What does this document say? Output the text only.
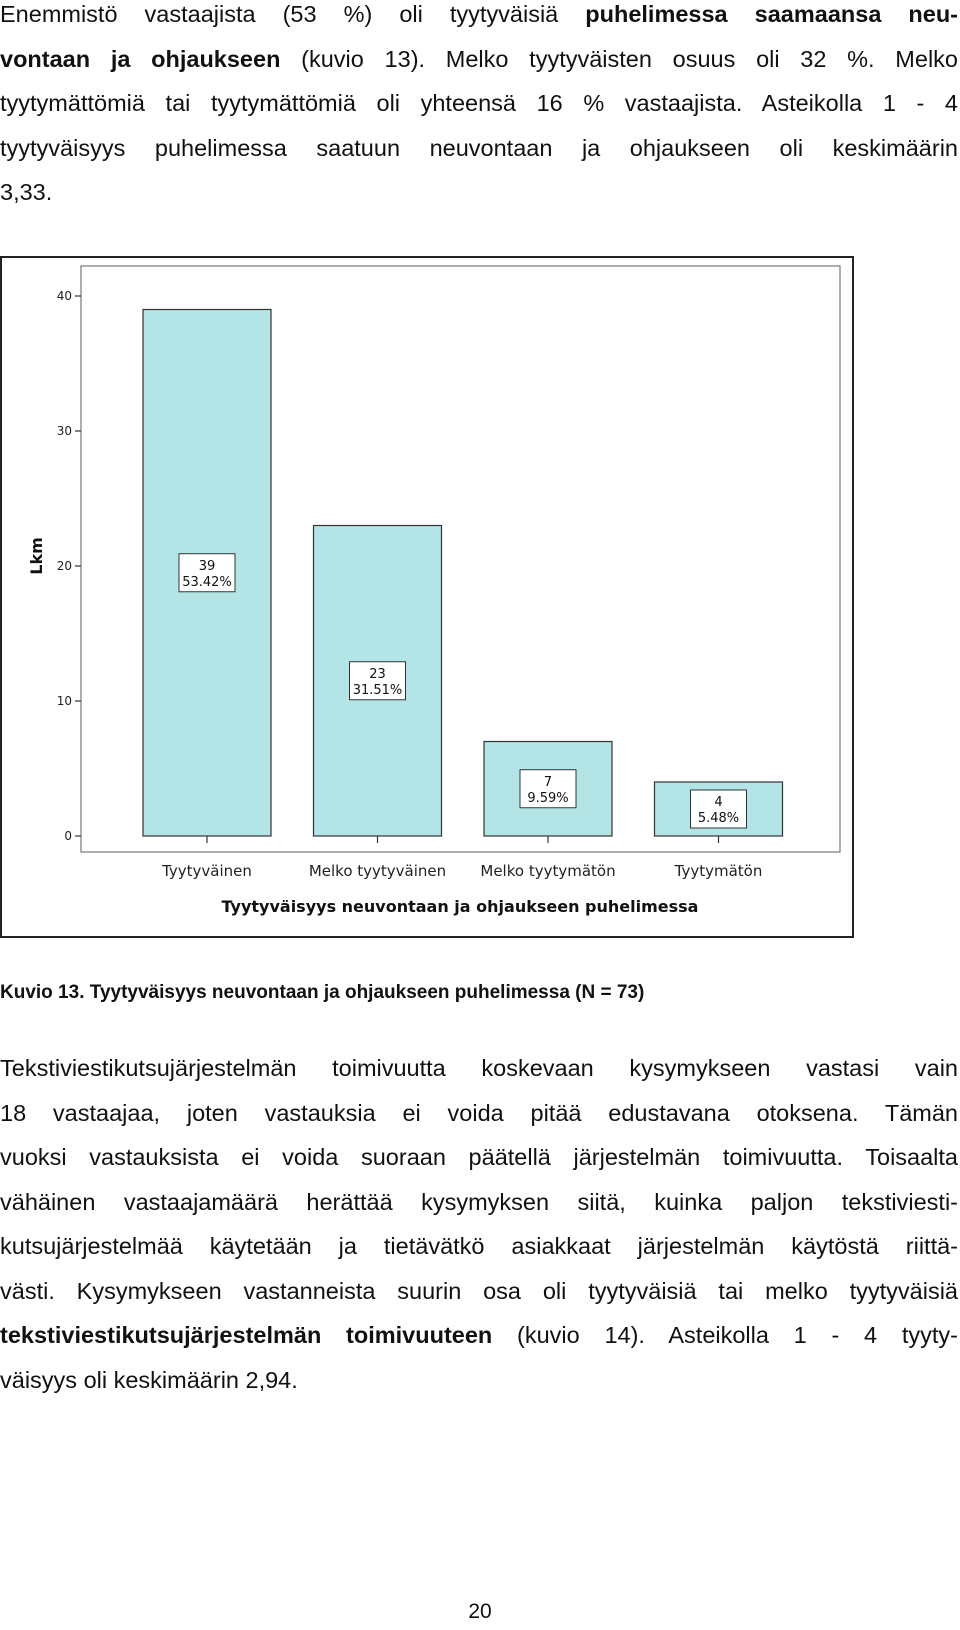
Enemmistö vastaajista (53 %) oli tyytyväisiä puhelimessa saamaansa neu-
vontaan ja ohjaukseen (kuvio 13). Melko tyytyväisten osuus oli 32 %. Melko
tyytymättömiä tai tyytymättömiä oli yhteensä 16 % vastaajista. Asteikolla 1 - 4
tyytyväisyys puhelimessa saatuun neuvontaan ja ohjaukseen oli keskimäärin
3,33.
0
10
20
30
40
39
53.42%
23
31.51%
7
9.59%	4
5.48%
Tyytyväinen	Melko tyytyväinen Melko tyytymätön	Tyytymätön
Lkm
Tyytyväisyys neuvontaan ja ohjaukseen puhelimessa
Kuvio 13. Tyytyväisyys neuvontaan ja ohjaukseen puhelimessa (N = 73)
Tekstiviestikutsujärjestelmän toimivuutta koskevaan kysymykseen vastasi vain
18 vastaajaa, joten vastauksia ei voida pitää edustavana otoksena. Tämän
vuoksi vastauksista ei voida suoraan päätellä järjestelmän toimivuutta. Toisaalta
vähäinen vastaajamäärä herättää kysymyksen siitä, kuinka paljon tekstiviesti-
kutsujärjestelmää käytetään ja tietävätkö asiakkaat järjestelmän käytöstä riittä-
västi. Kysymykseen vastanneista suurin osa oli tyytyväisiä tai melko tyytyväisiä
tekstiviestikutsujärjestelmän toimivuuteen (kuvio 14). Asteikolla 1 - 4 tyyty-
väisyys oli keskimäärin 2,94.
20
